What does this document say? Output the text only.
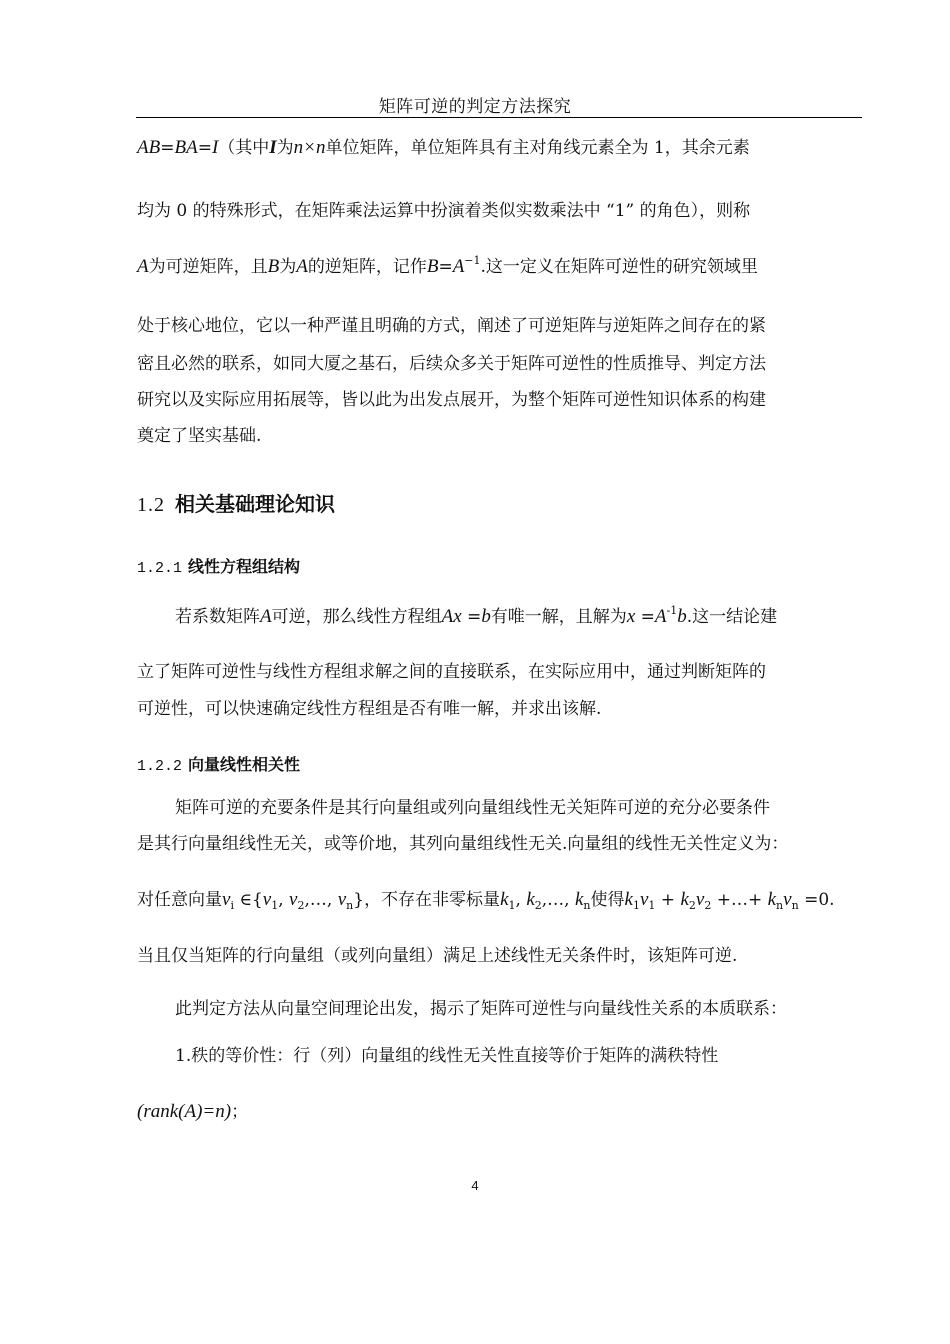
矩阵可逆的判定方法探究
AB=BA=I（其中I为n×n单位矩阵，单位矩阵具有主对角线元素全为 1，其余元素
均为 0 的特殊形式，在矩阵乘法运算中扮演着类似实数乘法中 “1” 的角色），则称
A为可逆矩阵，且B为A的逆矩阵，记作$B=A^{-1}$.这一定义在矩阵可逆性的研究领域里
处于核心地位，它以一种严谨且明确的方式，阐述了可逆矩阵与逆矩阵之间存在的紧
密且必然的联系，如同大厦之基石，后续众多关于矩阵可逆性的性质推导、判定方法
研究以及实际应用拓展等，皆以此为出发点展开，为整个矩阵可逆性知识体系的构建
奠定了坚实基础.
1.2 相关基础理论知识
1.2.1 线性方程组结构
若系数矩阵A可逆，那么线性方程组Ax =b有唯一解，且解为$x =A^{-1}b$.这一结论建
立了矩阵可逆性与线性方程组求解之间的直接联系，在实际应用中，通过判断矩阵的
可逆性，可以快速确定线性方程组是否有唯一解，并求出该解.
1.2.2 向量线性相关性
矩阵可逆的充要条件是其行向量组或列向量组线性无关矩阵可逆的充分必要条件
是其行向量组线性无关，或等价地，其列向量组线性无关.向量组的线性无关性定义为：
对任意向量$v_i$ $\in\{v_1$, $v_2,\dots$, $v_n$}，不存在非零标量$k_1$, $k_2,\dots$, $k_n$使得$k_1v_1 + k_2v_2$ +…+ $k_nv_n =0$.
当且仅当矩阵的行向量组（或列向量组）满足上述线性无关条件时，该矩阵可逆.
此判定方法从向量空间理论出发，揭示了矩阵可逆性与向量线性关系的本质联系：
1.秩的等价性：行（列）向量组的线性无关性直接等价于矩阵的满秩特性
(rank(A)=n)；
4
